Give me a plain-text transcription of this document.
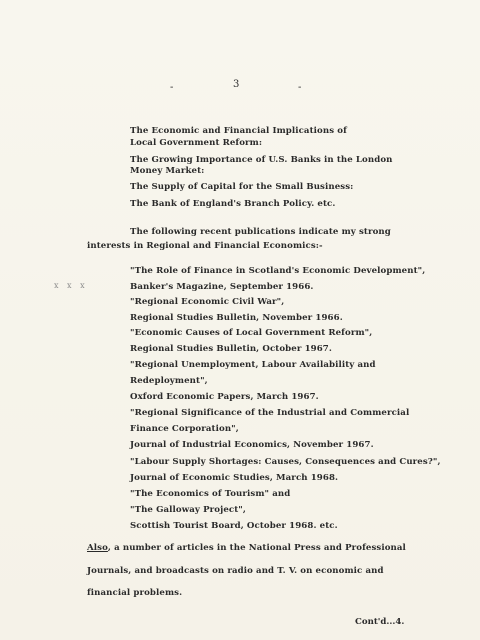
-	3	-
The Economic and Financial Implications of
Local Government Reform:
The Growing Importance of U.S. Banks in the London
Money Market:
The Supply of Capital for the Small Business:
The Bank of England's Branch Policy. etc.
The following recent publications indicate my strong
interests in Regional and Financial Economics:-
x x x
"The Role of Finance in Scotland's Economic Development",
Banker's Magazine, September 1966.
"Regional Economic Civil War",
Regional Studies Bulletin, November 1966.
"Economic Causes of Local Government Reform",
Regional Studies Bulletin, October 1967.
"Regional Unemployment, Labour Availability and
Redeployment",
Oxford Economic Papers, March 1967.
"Regional Significance of the Industrial and Commercial
Finance Corporation",
Journal of Industrial Economics, November 1967.
"Labour Supply Shortages: Causes, Consequences and Cures?",
Journal of Economic Studies, March 1968.
"The Economics of Tourism" and
"The Galloway Project",
Scottish Tourist Board, October 1968. etc.
Also, a number of articles in the National Press and Professional
Journals, and broadcasts on radio and T. V. on economic and
financial problems.
Cont'd...4.
